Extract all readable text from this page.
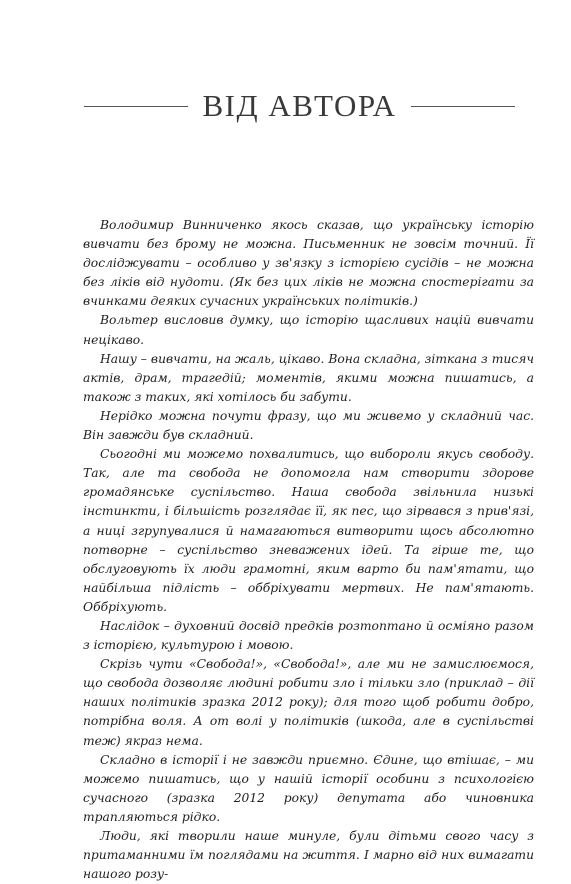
ВІД АВТОРА

Володимир Винниченко якось сказав, що українську історію вивчати без брому не можна. Письменник не зовсім точний. Її досліджувати – особливо у зв'язку з історією сусідів – не можна без ліків від нудоти. (Як без цих ліків не можна спостерігати за вчинками деяких сучасних українських політиків.)

Вольтер висловив думку, що історію щасливих націй вивчати нецікаво.

Нашу – вивчати, на жаль, цікаво. Вона складна, зіткана з тисяч актів, драм, трагедій; моментів, якими можна пишатись, а також з таких, які хотілось би забути.

Нерідко можна почути фразу, що ми живемо у складний час. Він завжди був складний.

Сьогодні ми можемо похвалитись, що вибороли якусь свободу. Так, але та свобода не допомогла нам створити здорове громадянське суспільство. Наша свобода звільнила низькі інстинкти, і більшість розглядає її, як пес, що зірвався з прив'язі, а ниці згрупувалися й намагаються витворити щось абсолютно потворне – суспільство зневажених ідей. Та гірше те, що обслуговують їх люди грамотні, яким варто би пам'ятати, що найбільша підлість – оббріхувати мертвих. Не пам'ятають. Оббріхують.

Наслідок – духовний досвід предків розтоптано й осміяно разом з історією, культурою і мовою.

Скрізь чути «Свобода!», «Свобода!», але ми не замислюємося, що свобода дозволяє людині робити зло і тільки зло (приклад – дії наших політиків зразка 2012 року); для того щоб робити добро, потрібна воля. А от волі у політиків (шкода, але в суспільстві теж) якраз нема.

Складно в історії і не завжди приємно. Єдине, що втішає, – ми можемо пишатись, що у нашій історії особини з психологією сучасного (зразка 2012 року) депутата або чиновника трапляються рідко.

Люди, які творили наше минуле, були дітьми свого часу з притаманними їм поглядами на життя. І марно від них вимагати нашого розу-
